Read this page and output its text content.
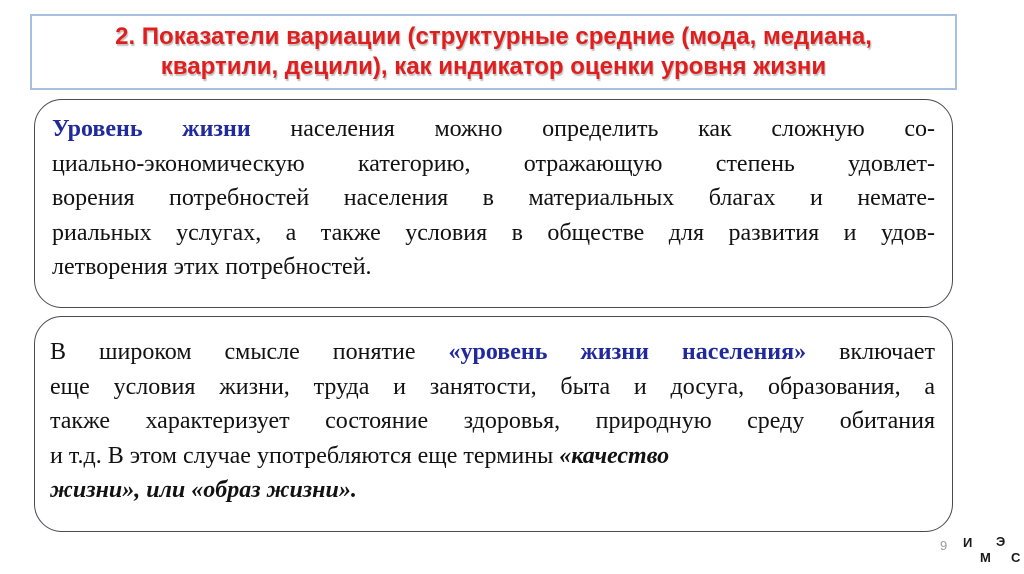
2. Показатели вариации (структурные средние (мода, медиана,
квартили, децили), как индикатор оценки уровня жизни
Уровень жизни населения можно определить как сложную со-
циально-экономическую категорию, отражающую степень удовлет-
ворения потребностей населения в материальных благах и немате-
риальных услугах, а также условия в обществе для развития и удов-
летворения этих потребностей.
В широком смысле понятие «уровень жизни населения» включает
еще условия жизни, труда и занятости, быта и досуга, образования, а
также характеризует состояние здоровья, природную среду обитания
и т.д. В этом случае употребляются еще термины «качество
жизни», или «образ жизни».
9 И Э
М С
